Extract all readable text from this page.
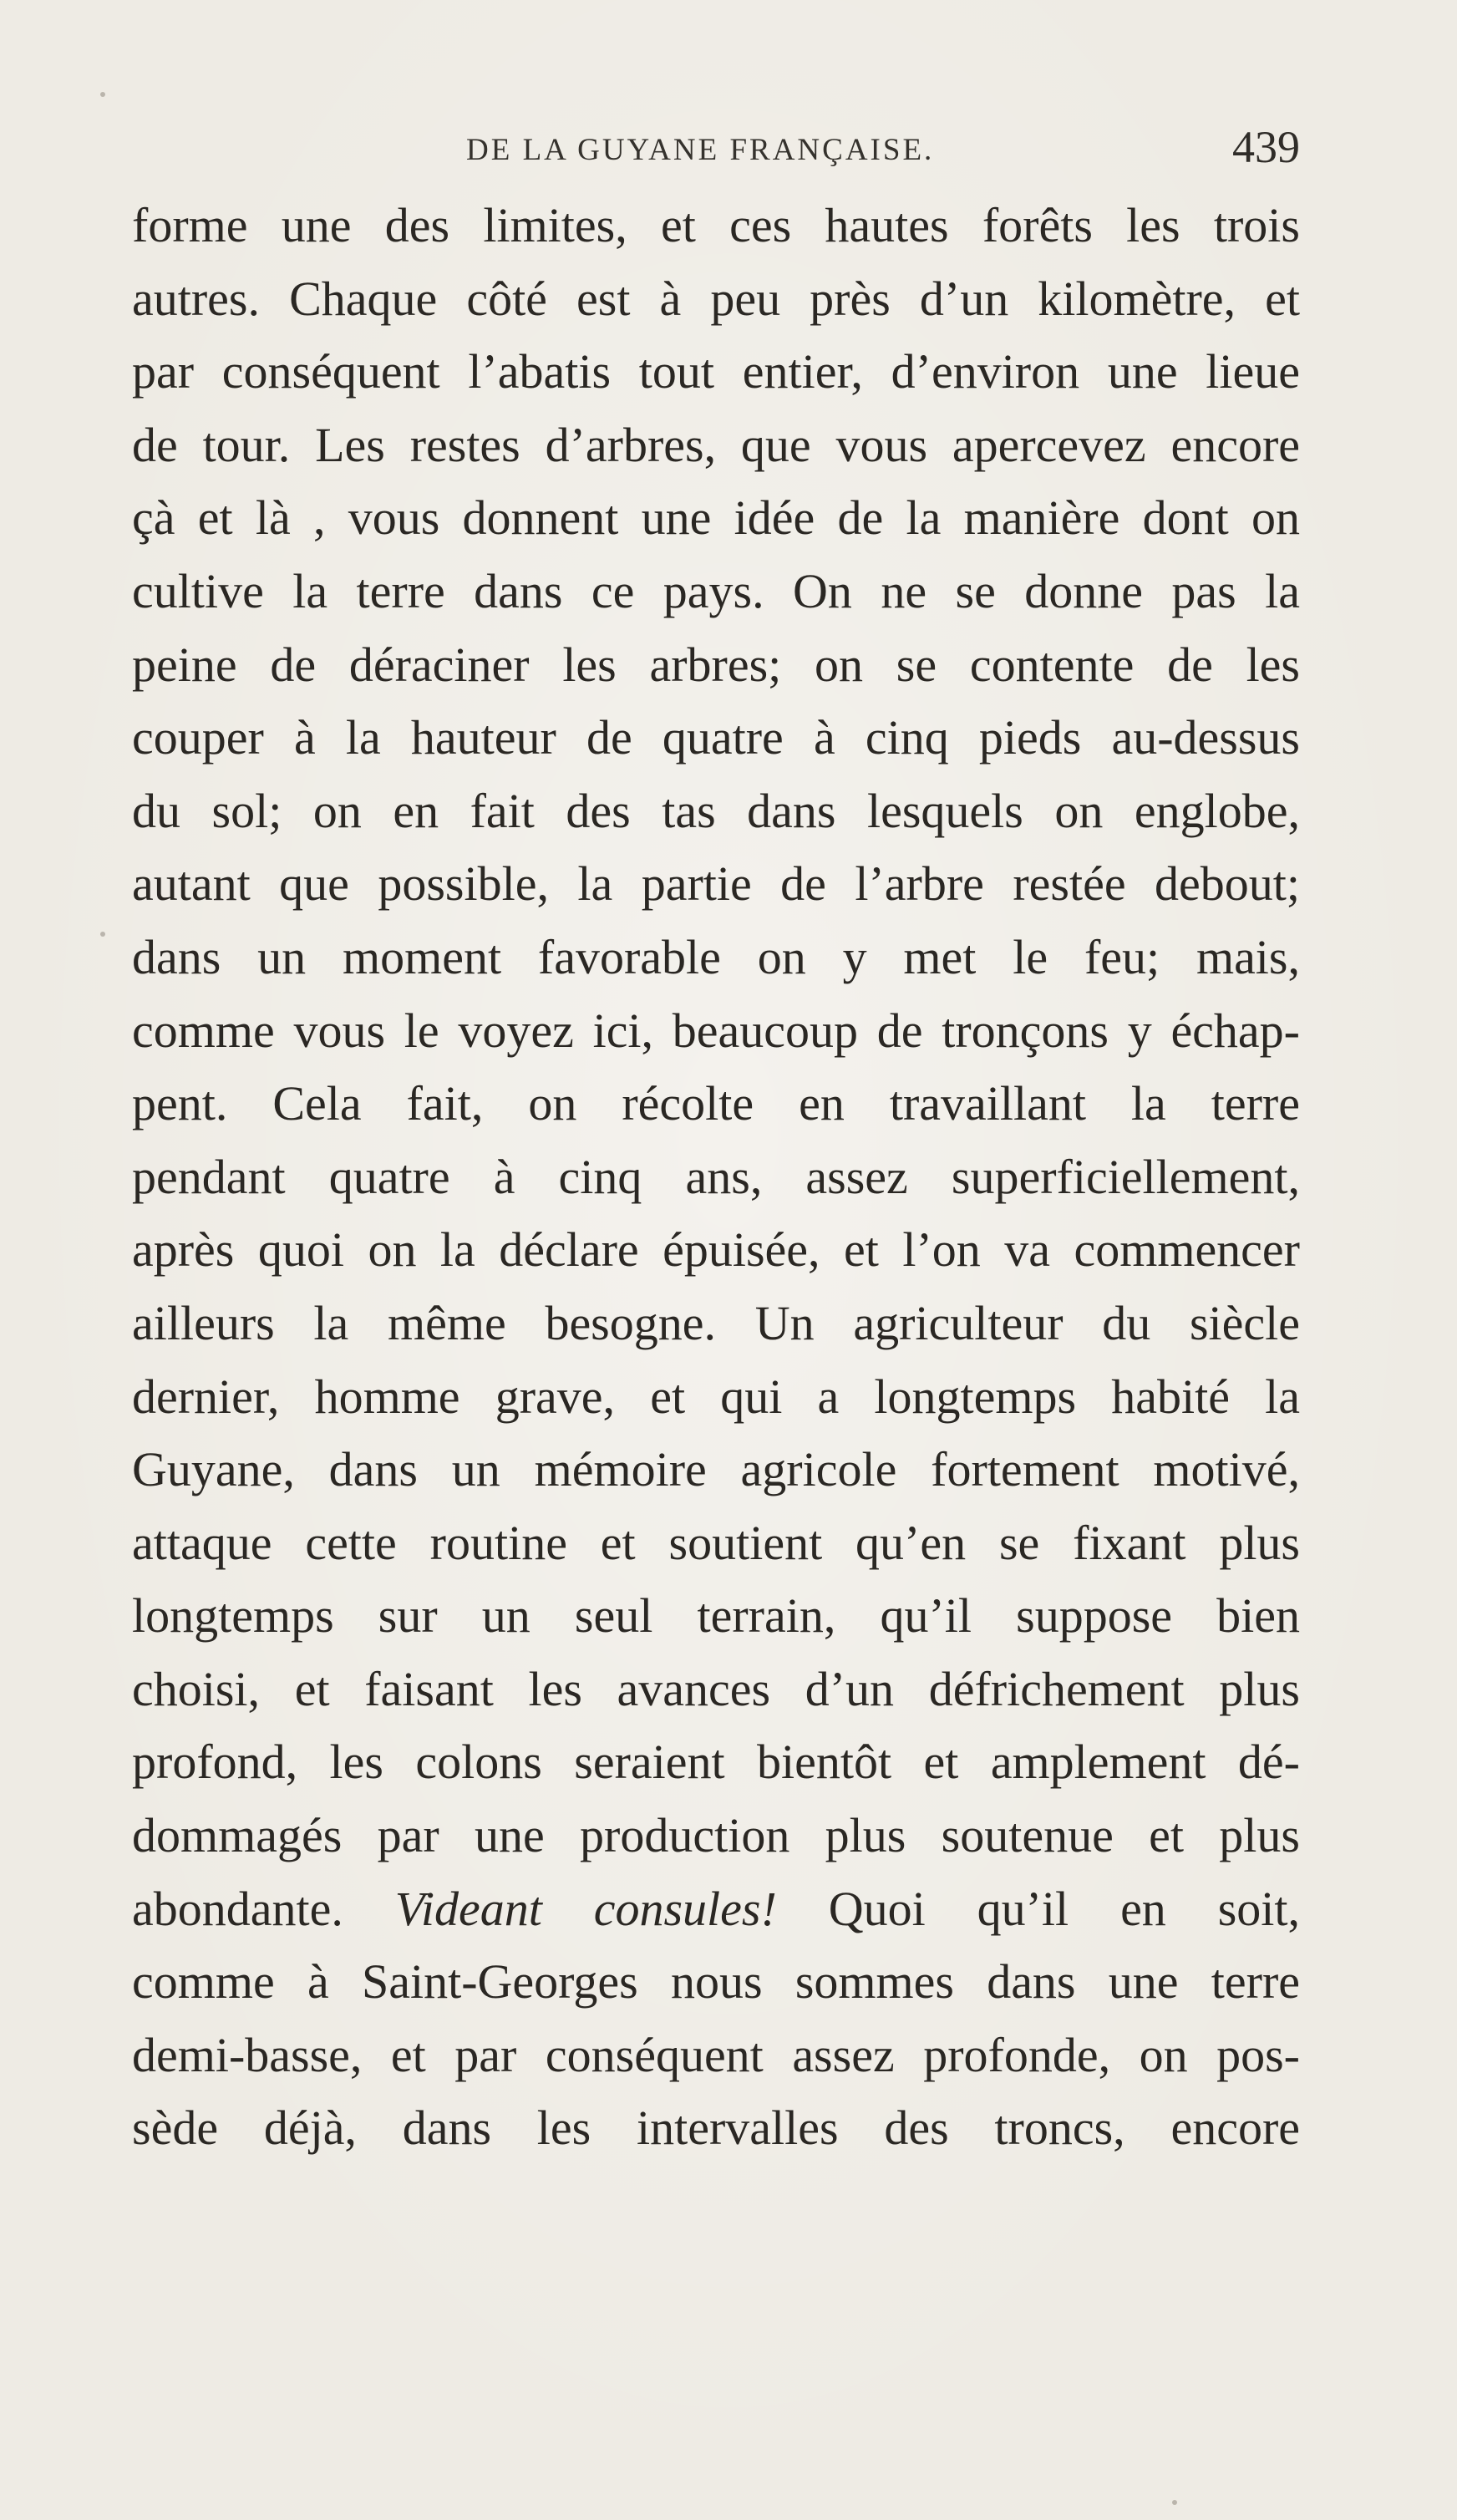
DE LA GUYANE FRANÇAISE.	439
forme une des limites, et ces hautes forêts les trois
autres. Chaque côté est à peu près d’un kilomètre, et
par conséquent l’abatis tout entier, d’environ une lieue
de tour. Les restes d’arbres, que vous apercevez encore
çà et là , vous donnent une idée de la manière dont on
cultive la terre dans ce pays. On ne se donne pas la
peine de déraciner les arbres; on se contente de les
couper à la hauteur de quatre à cinq pieds au-dessus
du sol; on en fait des tas dans lesquels on englobe,
autant que possible, la partie de l’arbre restée debout;
dans un moment favorable on y met le feu; mais,
comme vous le voyez ici, beaucoup de tronçons y échap-
pent. Cela fait, on récolte en travaillant la terre
pendant quatre à cinq ans, assez superficiellement,
après quoi on la déclare épuisée, et l’on va commencer
ailleurs la même besogne. Un agriculteur du siècle
dernier, homme grave, et qui a longtemps habité la
Guyane, dans un mémoire agricole fortement motivé,
attaque cette routine et soutient qu’en se fixant plus
longtemps sur un seul terrain, qu’il suppose bien
choisi, et faisant les avances d’un défrichement plus
profond, les colons seraient bientôt et amplement dé-
dommagés par une production plus soutenue et plus
abondante. Videant consules! Quoi qu’il en soit,
comme à Saint-Georges nous sommes dans une terre
demi-basse, et par conséquent assez profonde, on pos-
sède déjà, dans les intervalles des troncs, encore
